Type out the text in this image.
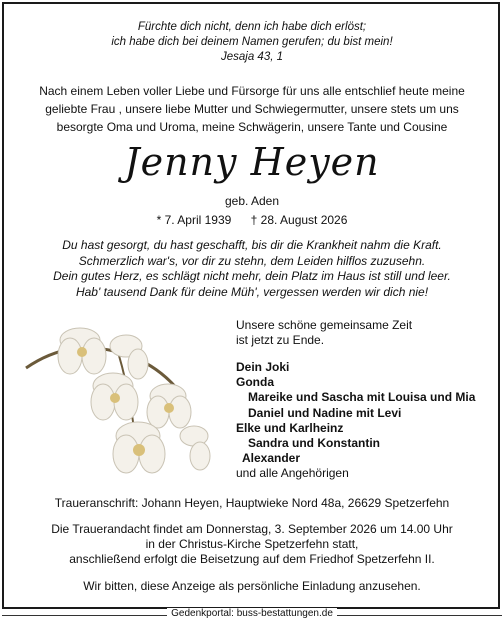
Fürchte dich nicht, denn ich habe dich erlöst;
ich habe dich bei deinem Namen gerufen; du bist mein!
Jesaja 43, 1
Nach einem Leben voller Liebe und Fürsorge für uns alle entschlief heute meine
geliebte Frau , unsere liebe Mutter und Schwiegermutter, unsere stets um uns
besorgte Oma und Uroma, meine Schwägerin, unsere Tante und Cousine
Jenny Heyen
geb. Aden
* 7. April 1939 † 28. August 2026
Du hast gesorgt, du hast geschafft, bis dir die Krankheit nahm die Kraft.
Schmerzlich war's, vor dir zu stehn, dem Leiden hilflos zuzusehn.
Dein gutes Herz, es schlägt nicht mehr, dein Platz im Haus ist still und leer.
Hab' tausend Dank für deine Müh', vergessen werden wir dich nie!
Unsere schöne gemeinsame Zeit
ist jetzt zu Ende.
Dein Joki
Gonda
Mareike und Sascha mit Louisa und Mia
Daniel und Nadine mit Levi
Elke und Karlheinz
Sandra und Konstantin
Alexander
und alle Angehörigen
Traueranschrift: Johann Heyen, Hauptwieke Nord 48a, 26629 Spetzerfehn
Die Trauerandacht findet am Donnerstag, 3. September 2026 um 14.00 Uhr
in der Christus-Kirche Spetzerfehn statt,
anschließend erfolgt die Beisetzung auf dem Friedhof Spetzerfehn II.
Wir bitten, diese Anzeige als persönliche Einladung anzusehen.
Gedenkportal: buss-bestattungen.de
